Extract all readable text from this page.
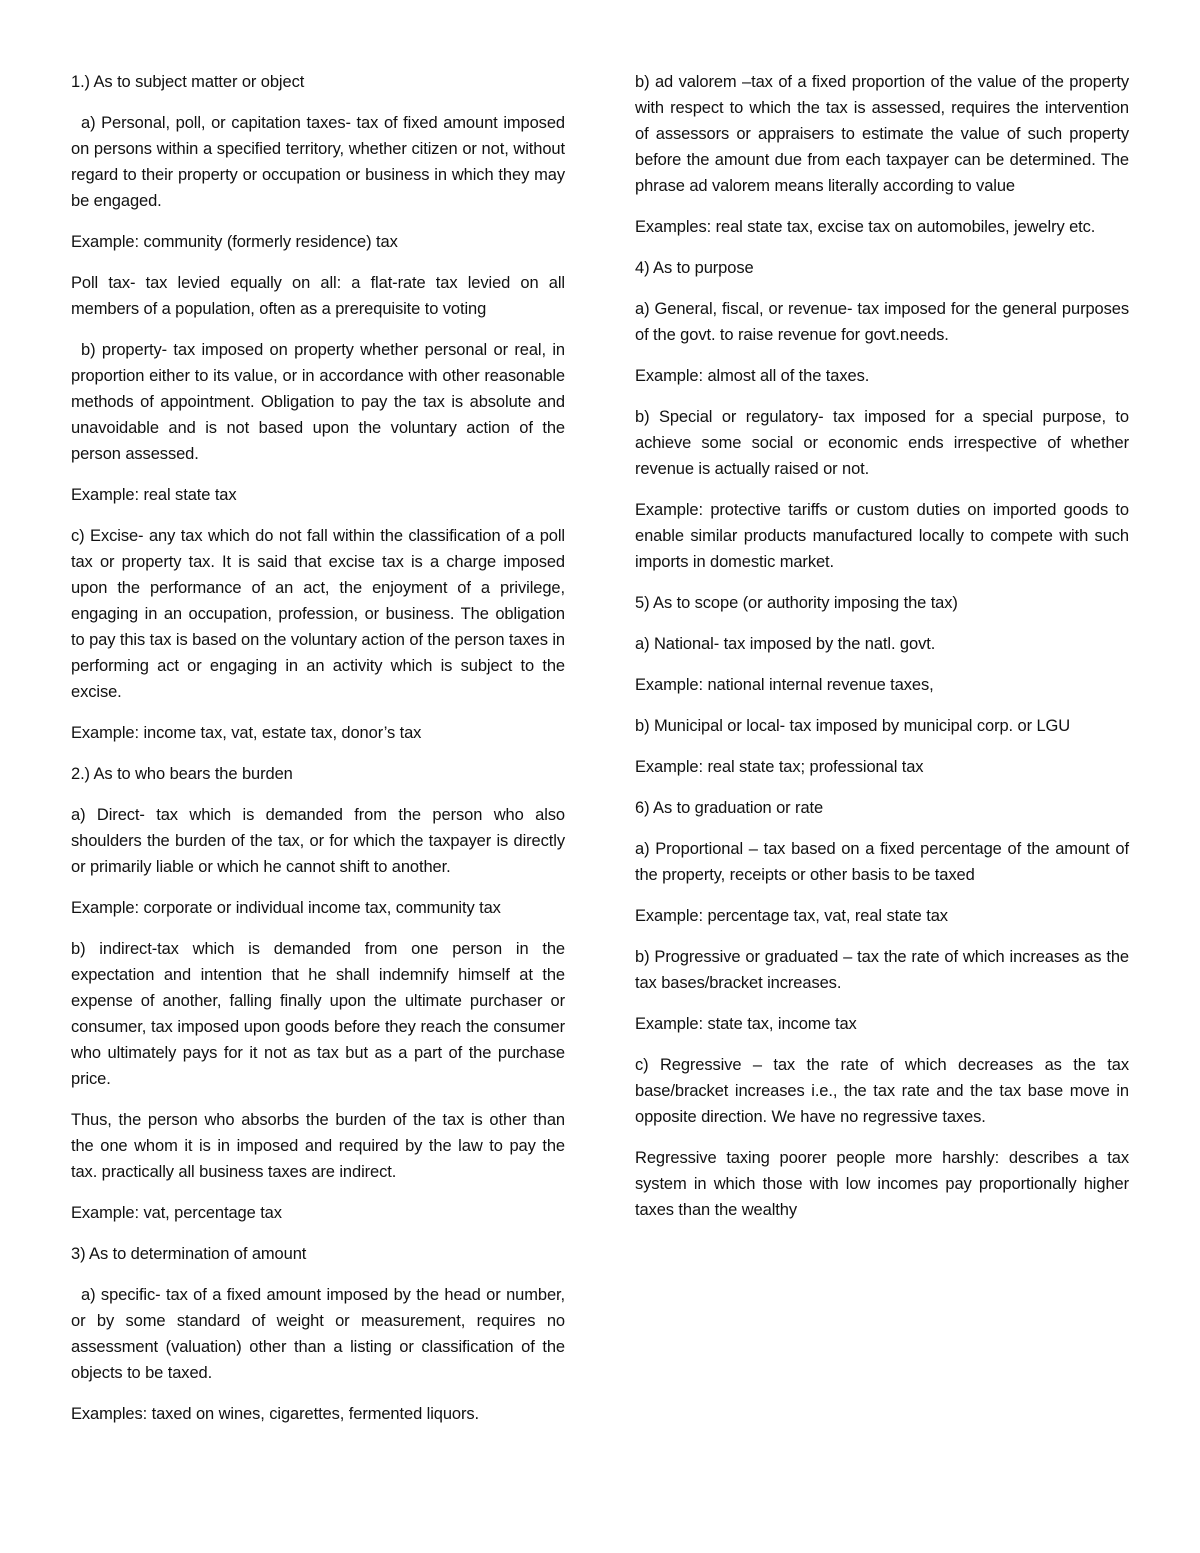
1.) As to subject matter or object

a) Personal, poll, or capitation taxes- tax of fixed amount imposed on persons within a specified territory, whether citizen or not, without regard to their property or occupation or business in which they may be engaged.

Example: community (formerly residence) tax

Poll tax- tax levied equally on all: a flat-rate tax levied on all members of a population, often as a prerequisite to voting

b) property- tax imposed on property whether personal or real, in proportion either to its value, or in accordance with other reasonable methods of appointment. Obligation to pay the tax is absolute and unavoidable and is not based upon the voluntary action of the person assessed.

Example: real state tax

c) Excise- any tax which do not fall within the classification of a poll tax or property tax. It is said that excise tax is a charge imposed upon the performance of an act, the enjoyment of a privilege, engaging in an occupation, profession, or business. The obligation to pay this tax is based on the voluntary action of the person taxes in performing act or engaging in an activity which is subject to the excise.

Example: income tax, vat, estate tax, donor’s tax

2.) As to who bears the burden

a) Direct- tax which is demanded from the person who also shoulders the burden of the tax, or for which the taxpayer is directly or primarily liable or which he cannot shift to another.

Example: corporate or individual income tax, community tax

b) indirect-tax which is demanded from one person in the expectation and intention that he shall indemnify himself at the expense of another, falling finally upon the ultimate purchaser or consumer, tax imposed upon goods before they reach the consumer who ultimately pays for it not as tax but as a part of the purchase price.

Thus, the person who absorbs the burden of the tax is other than the one whom it is in imposed and required by the law to pay the tax. practically all business taxes are indirect.

Example: vat, percentage tax

3) As to determination of amount

a) specific- tax of a fixed amount imposed by the head or number, or by some standard of weight or measurement, requires no assessment (valuation) other than a listing or classification of the objects to be taxed.

Examples: taxed on wines, cigarettes, fermented liquors.

b) ad valorem –tax of a fixed proportion of the value of the property with respect to which the tax is assessed, requires the intervention of assessors or appraisers to estimate the value of such property before the amount due from each taxpayer can be determined. The phrase ad valorem means literally according to value

Examples: real state tax, excise tax on automobiles, jewelry etc.

4) As to purpose

a) General, fiscal, or revenue- tax imposed for the general purposes of the govt. to raise revenue for govt.needs.

Example: almost all of the taxes.

b) Special or regulatory- tax imposed for a special purpose, to achieve some social or economic ends irrespective of whether revenue is actually raised or not.

Example: protective tariffs or custom duties on imported goods to enable similar products manufactured locally to compete with such imports in domestic market.

5) As to scope (or authority imposing the tax)

a) National- tax imposed by the natl. govt.

Example: national internal revenue taxes,

b) Municipal or local- tax imposed by municipal corp. or LGU

Example: real state tax; professional tax

6) As to graduation or rate

a) Proportional – tax based on a fixed percentage of the amount of the property, receipts or other basis to be taxed

Example: percentage tax, vat, real state tax

b) Progressive or graduated – tax the rate of which increases as the tax bases/bracket increases.

Example: state tax, income tax

c) Regressive – tax the rate of which decreases as the tax base/bracket increases i.e., the tax rate and the tax base move in opposite direction. We have no regressive taxes.

Regressive taxing poorer people more harshly: describes a tax system in which those with low incomes pay proportionally higher taxes than the wealthy
